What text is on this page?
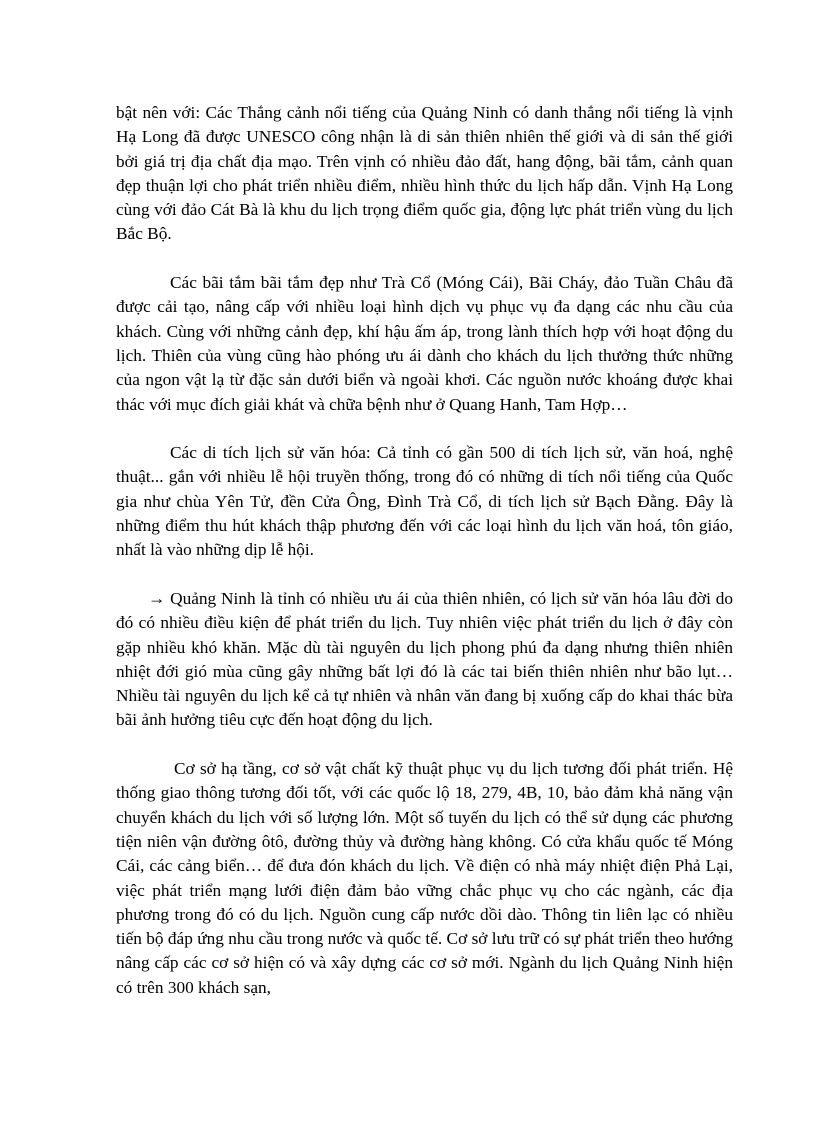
bật nên với: Các Thắng cảnh nổi tiếng của Quảng Ninh có danh thắng nổi tiếng là vịnh Hạ Long đã được UNESCO công nhận là di sản thiên nhiên thế giới và di sản thế giới bởi giá trị địa chất địa mạo. Trên vịnh có nhiều đảo đất, hang động, bãi tắm, cảnh quan đẹp thuận lợi cho phát triển nhiều điểm, nhiều hình thức du lịch hấp dẫn. Vịnh Hạ Long cùng với đảo Cát Bà là khu du lịch trọng điểm quốc gia, động lực phát triển vùng du lịch Bắc Bộ.

Các bãi tắm bãi tắm đẹp như Trà Cổ (Móng Cái), Bãi Cháy, đảo Tuần Châu đã được cải tạo, nâng cấp với nhiều loại hình dịch vụ phục vụ đa dạng các nhu cầu của khách. Cùng với những cảnh đẹp, khí hậu ấm áp, trong lành thích hợp với hoạt động du lịch. Thiên của vùng cũng hào phóng ưu ái dành cho khách du lịch thưởng thức những của ngon vật lạ từ đặc sản dưới biển và ngoài khơi. Các nguồn nước khoáng được khai thác với mục đích giải khát và chữa bệnh như ở Quang Hanh, Tam Hợp…

Các di tích lịch sử văn hóa: Cả tỉnh có gần 500 di tích lịch sử, văn hoá, nghệ thuật... gắn với nhiều lễ hội truyền thống, trong đó có những di tích nổi tiếng của Quốc gia như chùa Yên Tử, đền Cửa Ông, Đình Trà Cổ, di tích lịch sử Bạch Đằng. Đây là những điểm thu hút khách thập phương đến với các loại hình du lịch văn hoá, tôn giáo, nhất là vào những dịp lễ hội.

→ Quảng Ninh là tỉnh có nhiều ưu ái của thiên nhiên, có lịch sử văn hóa lâu đời do đó có nhiều điều kiện để phát triển du lịch. Tuy nhiên việc phát triển du lịch ở đây còn gặp nhiều khó khăn. Mặc dù tài nguyên du lịch phong phú đa dạng nhưng thiên nhiên nhiệt đới gió mùa cũng gây những bất lợi đó là các tai biến thiên nhiên như bão lụt… Nhiều tài nguyên du lịch kể cả tự nhiên và nhân văn đang bị xuống cấp do khai thác bừa bãi ảnh hưởng tiêu cực đến hoạt động du lịch.

Cơ sở hạ tầng, cơ sở vật chất kỹ thuật phục vụ du lịch tương đối phát triển. Hệ thống giao thông tương đối tốt, với các quốc lộ 18, 279, 4B, 10, bảo đảm khả năng vận chuyển khách du lịch với số lượng lớn. Một số tuyến du lịch có thể sử dụng các phương tiện niên vận đường ôtô, đường thủy và đường hàng không. Có cửa khẩu quốc tế Móng Cái, các cảng biển… để đưa đón khách du lịch. Về điện có nhà máy nhiệt điện Phả Lại, việc phát triển mạng lưới điện đảm bảo vững chắc phục vụ cho các ngành, các địa phương trong đó có du lịch. Nguồn cung cấp nước dồi dào. Thông tin liên lạc có nhiều tiến bộ đáp ứng nhu cầu trong nước và quốc tế. Cơ sở lưu trữ có sự phát triển theo hướng nâng cấp các cơ sở hiện có và xây dựng các cơ sở mới. Ngành du lịch Quảng Ninh hiện có trên 300 khách sạn,
